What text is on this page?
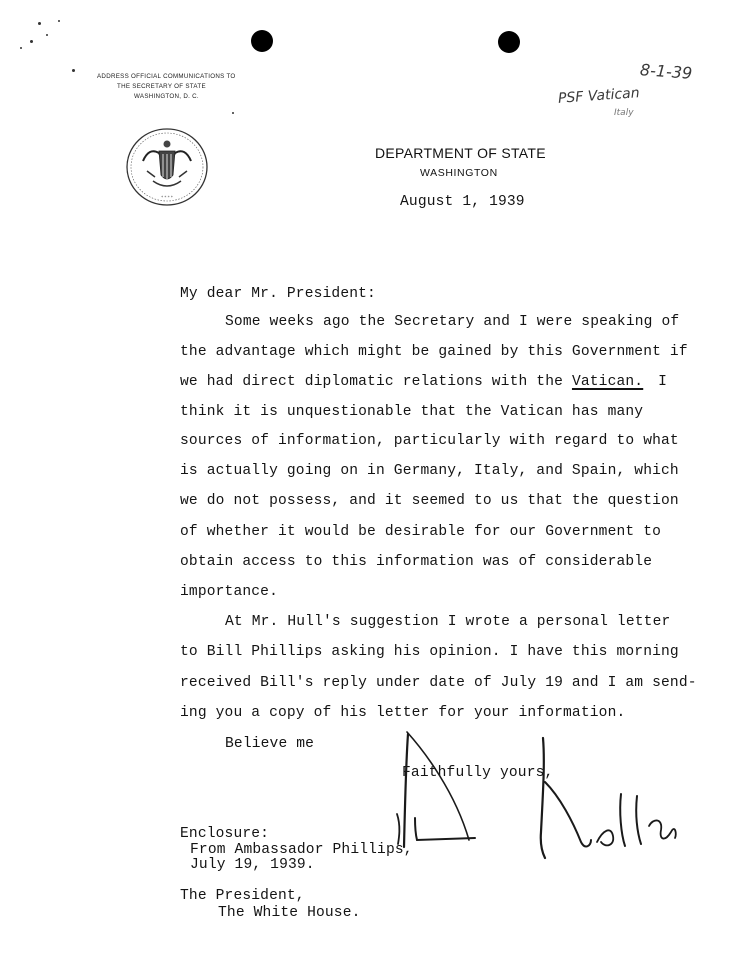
ADDRESS OFFICIAL COMMUNICATIONS TO
THE SECRETARY OF STATE
WASHINGTON, D. C.
8-1-39
PSF Vatican
Italy
* * * *
DEPARTMENT OF STATE
WASHINGTON
August 1, 1939
My dear Mr. President:
Some weeks ago the Secretary and I were speaking of
the advantage which might be gained by this Government if
we had direct diplomatic relations with the Vatican. I
think it is unquestionable that the Vatican has many
sources of information, particularly with regard to what
is actually going on in Germany, Italy, and Spain, which
we do not possess, and it seemed to us that the question
of whether it would be desirable for our Government to
obtain access to this information was of considerable
importance.
At Mr. Hull's suggestion I wrote a personal letter
to Bill Phillips asking his opinion. I have this morning
received Bill's reply under date of July 19 and I am send-
ing you a copy of his letter for your information.
Believe me
Faithfully yours,
Enclosure:
From Ambassador Phillips,
July 19, 1939.
The President,
The White House.
